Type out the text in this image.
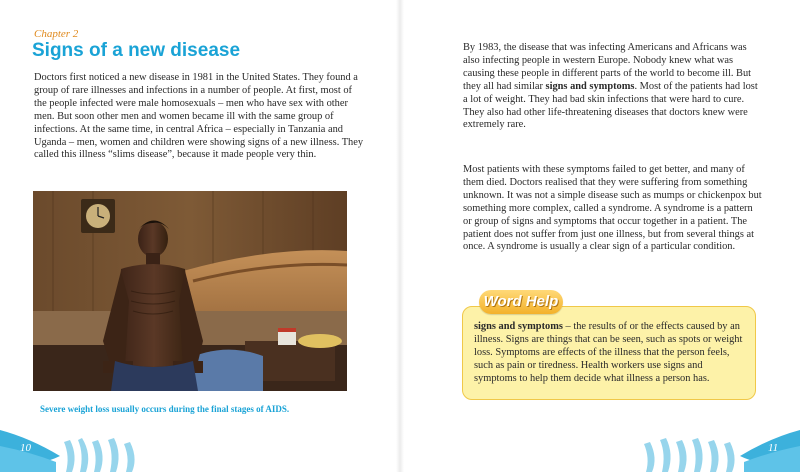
Chapter 2
Signs of a new disease

Doctors first noticed a new disease in 1981 in the United States. They found a group of rare illnesses and infections in a number of people. At first, most of the people infected were male homosexuals – men who have sex with other men. But soon other men and women became ill with the same group of infections. At the same time, in central Africa – especially in Tanzania and Uganda – men, women and children were showing signs of a new illness. They called this illness “slims disease”, because it made people very thin.

Severe weight loss usually occurs during the final stages of AIDS.

10

By 1983, the disease that was infecting Americans and Africans was also infecting people in western Europe. Nobody knew what was causing these people in different parts of the world to become ill. But they all had similar signs and symptoms. Most of the patients had lost a lot of weight. They had bad skin infections that were hard to cure. They also had other life-threatening diseases that doctors knew were extremely rare.

Most patients with these symptoms failed to get better, and many of them died. Doctors realised that they were suffering from something unknown. It was not a simple disease such as mumps or chickenpox but something more complex, called a syndrome. A syndrome is a pattern or group of signs and symptoms that occur together in a patient. The patient does not suffer from just one illness, but from several things at once. A syndrome is usually a clear sign of a particular condition.

Word Help

signs and symptoms – the results of or the effects caused by an illness. Signs are things that can be seen, such as spots or weight loss. Symptoms are effects of the illness that the person feels, such as pain or tiredness. Health workers use signs and symptoms to help them decide what illness a person has.

11
